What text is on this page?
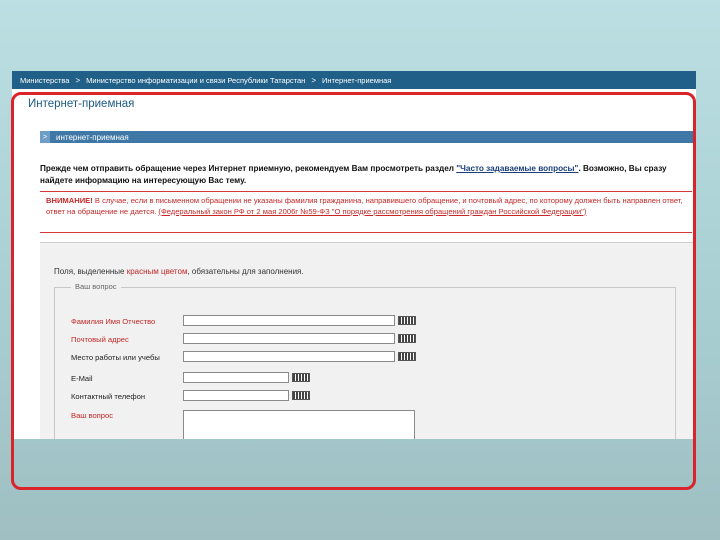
Министерства > Министерство информатизации и связи Республики Татарстан > Интернет-приемная
Интернет-приемная
>	интернет-приемная
Прежде чем отправить обращение через Интернет приемную, рекомендуем Вам просмотреть раздел "Часто задаваемые вопросы". Возможно, Вы сразу найдете информацию на интересующую Вас тему.
ВНИМАНИЕ! В случае, если в письменном обращении не указаны фамилия гражданина, направившего обращение, и почтовый адрес, по которому должен быть направлен ответ, ответ на обращение не дается. (Федеральный закон РФ от 2 мая 2006г №59-ФЗ "О порядке рассмотрения обращений граждан Российской Федерации")
Поля, выделенные красным цветом, обязательны для заполнения.
Ваш вопрос
Фамилия Имя Отчество
Почтовый адрес
Место работы или учебы
E-Mail
Контактный телефон
Ваш вопрос
